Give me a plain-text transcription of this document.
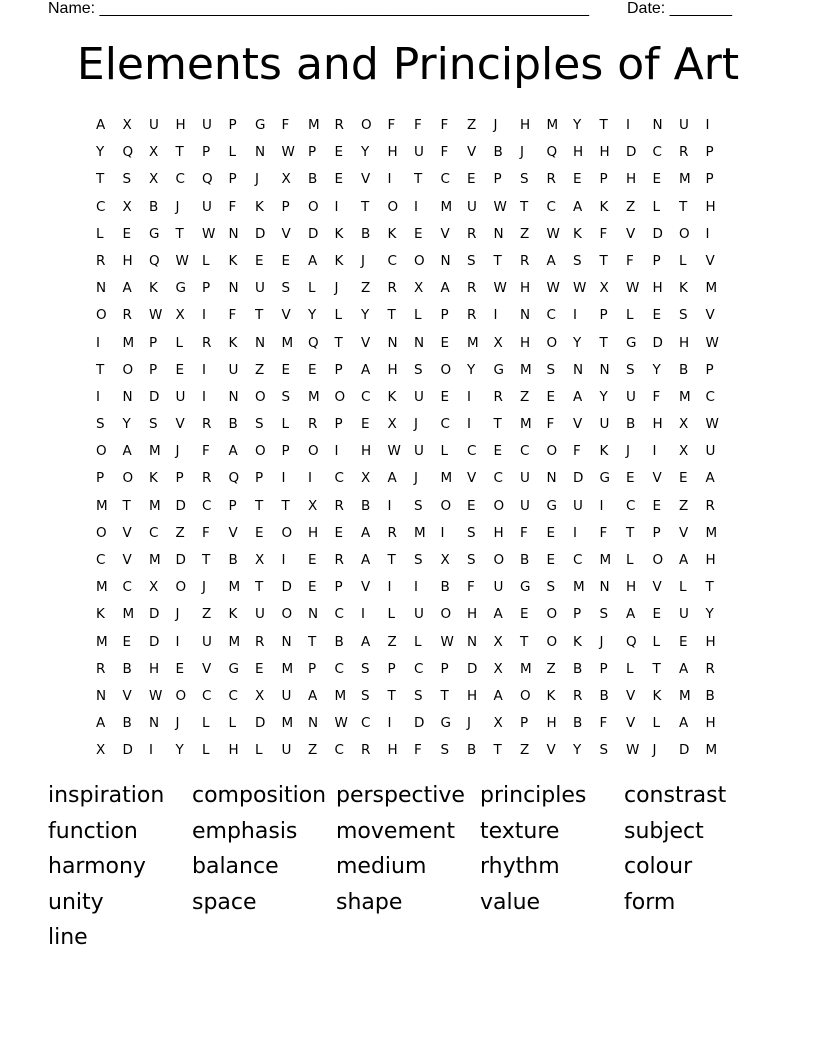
Name: _______________________________________________________ Date: _______
Elements and Principles of Art
A	X	U	H	U	P	G	F	M	R	O	F	F	F	Z	J	H	M	Y	T	I	N	U	I
Y	Q	X	T	P	L	N	W P	E	Y	H	U	F	V	B	J	Q	H	H	D	C	R	P
T	S	X	C	Q	P	J	X	B	E	V	I	T	C	E	P	S	R	E	P	H	E	M	P
C	X	B	J	U	F	K	P	O	I	T	O	I	M	U	W T	C	A	K	Z	L	T	H
L	E	G	T	W N	D	V	D	K	B	K	E	V	R	N	Z	W K	F	V	D	O	I
R	H	Q	W L	K	E	E	A	K	J	C	O	N	S	T	R	A	S	T	F	P	L	V
N	A	K	G	P	N	U	S	L	J	Z	R	X	A	R	W H	W W X	W H	K	M
O	R	W X	I	F	T	V	Y	L	Y	T	L	P	R	I	N	C	I	P	L	E	S	V
I	M	P	L	R	K	N	M	Q	T	V	N	N	E	M	X	H	O	Y	T	G	D	H	W
T	O	P	E	I	U	Z	E	E	P	A	H	S	O	Y	G	M	S	N	N	S	Y	B	P
I	N	D	U	I	N	O	S	M	O	C	K	U	E	I	R	Z	E	A	Y	U	F	M	C
S	Y	S	V	R	B	S	L	R	P	E	X	J	C	I	T	M	F	V	U	B	H	X	W
O	A	M	J	F	A	O	P	O	I	H	W U	L	C	E	C	O	F	K	J	I	X	U
P	O	K	P	R	Q	P	I	I	C	X	A	J	M	V	C	U	N	D	G	E	V	E	A
M	T	M	D	C	P	T	T	X	R	B	I	S	O	E	O	U	G	U	I	C	E	Z	R
O	V	C	Z	F	V	E	O	H	E	A	R	M	I	S	H	F	E	I	F	T	P	V	M
C	V	M	D	T	B	X	I	E	R	A	T	S	X	S	O	B	E	C	M	L	O	A	H
M	C	X	O	J	M	T	D	E	P	V	I	I	B	F	U	G	S	M	N	H	V	L	T
K	M	D	J	Z	K	U	O	N	C	I	L	U	O	H	A	E	O	P	S	A	E	U	Y
M	E	D	I	U	M	R	N	T	B	A	Z	L	W N	X	T	O	K	J	Q	L	E	H
R	B	H	E	V	G	E	M	P	C	S	P	C	P	D	X	M	Z	B	P	L	T	A	R
N	V	W O	C	C	X	U	A	M	S	T	S	T	H	A	O	K	R	B	V	K	M	B
A	B	N	J	L	L	D	M	N	W C	I	D	G	J	X	P	H	B	F	V	L	A	H
X	D	I	Y	L	H	L	U	Z	C	R	H	F	S	B	T	Z	V	Y	S	W J	D	M
inspiration	composition perspective principles	constrast
function	emphasis	movement	texture	subject
harmony	balance	medium	rhythm	colour
unity	space	shape	value	form
line
